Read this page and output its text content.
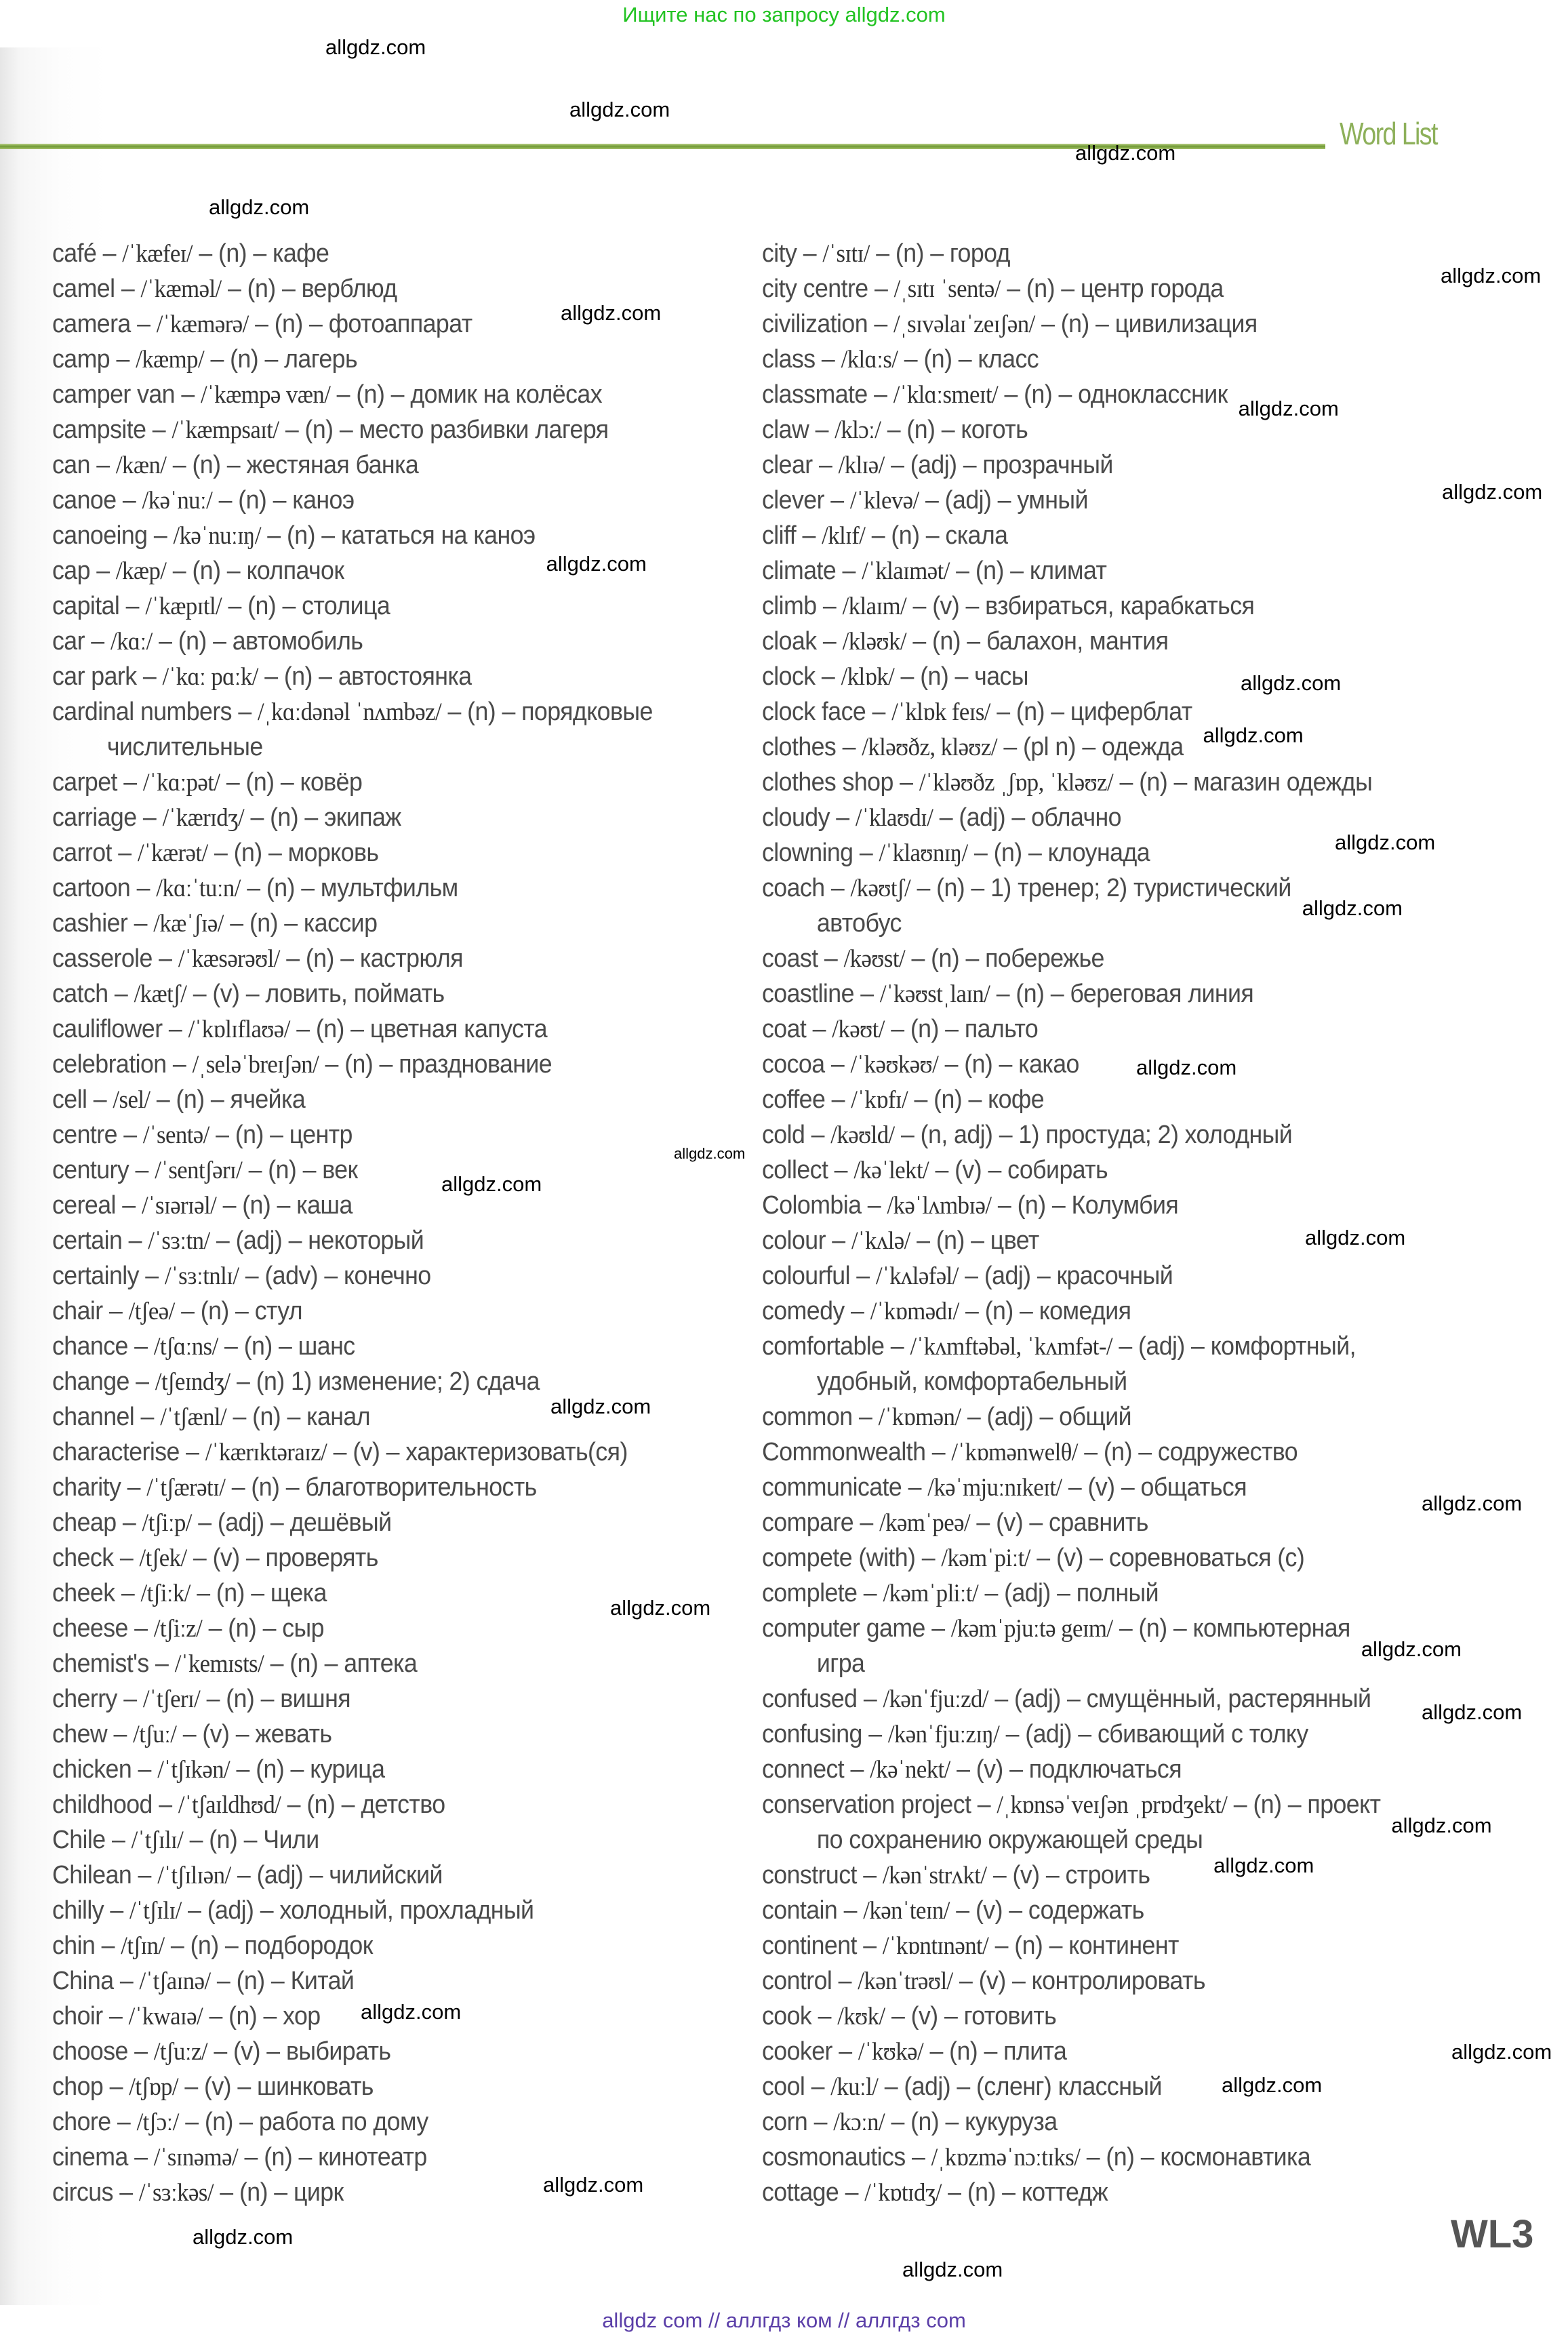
Ищите нас по запросу allgdz.com
Word List
café – /ˈkæfeɪ/ – (n) – кафе
camel – /ˈkæməl/ – (n) – верблюд
camera – /ˈkæmərə/ – (n) – фотоаппарат
camp – /kæmp/ – (n) – лагерь
camper van – /ˈkæmpə væn/ – (n) – домик на колёсах
campsite – /ˈkæmpsaɪt/ – (n) – место разбивки лагеря
can – /kæn/ – (n) – жестяная банка
canoe – /kəˈnuː/ – (n) – каноэ
canoeing – /kəˈnuːɪŋ/ – (n) – кататься на каноэ
cap – /kæp/ – (n) – колпачок
capital – /ˈkæpɪtl/ – (n) – столица
car – /kɑː/ – (n) – автомобиль
car park – /ˈkɑː pɑːk/ – (n) – автостоянка
cardinal numbers – /ˌkɑːdənəl ˈnʌmbəz/ – (n) – порядковые
числительные
carpet – /ˈkɑːpət/ – (n) – ковёр
carriage – /ˈkærɪdʒ/ – (n) – экипаж
carrot – /ˈkærət/ – (n) – морковь
cartoon – /kɑːˈtuːn/ – (n) – мультфильм
cashier – /kæˈʃɪə/ – (n) – кассир
casserole – /ˈkæsərəʊl/ – (n) – кастрюля
catch – /kætʃ/ – (v) – ловить, поймать
cauliflower – /ˈkɒlɪflaʊə/ – (n) – цветная капуста
celebration – /ˌseləˈbreɪʃən/ – (n) – празднование
cell – /sel/ – (n) – ячейка
centre – /ˈsentə/ – (n) – центр
century – /ˈsentʃərɪ/ – (n) – век
cereal – /ˈsɪərɪəl/ – (n) – каша
certain – /ˈsɜːtn/ – (adj) – некоторый
certainly – /ˈsɜːtnlɪ/ – (adv) – конечно
chair – /tʃeə/ – (n) – стул
chance – /tʃɑːns/ – (n) – шанс
change – /tʃeɪndʒ/ – (n) 1) изменение; 2) сдача
channel – /ˈtʃænl/ – (n) – канал
characterise – /ˈkærɪktəraɪz/ – (v) – характеризовать(ся)
charity – /ˈtʃærətɪ/ – (n) – благотворительность
cheap – /tʃiːp/ – (adj) – дешёвый
check – /tʃek/ – (v) – проверять
cheek – /tʃiːk/ – (n) – щека
cheese – /tʃiːz/ – (n) – сыр
chemist's – /ˈkemɪsts/ – (n) – аптека
cherry – /ˈtʃerɪ/ – (n) – вишня
chew – /tʃuː/ – (v) – жевать
chicken – /ˈtʃɪkən/ – (n) – курица
childhood – /ˈtʃaɪldhʊd/ – (n) – детство
Chile – /ˈtʃɪlɪ/ – (n) – Чили
Chilean – /ˈtʃɪlɪən/ – (adj) – чилийский
chilly – /ˈtʃɪlɪ/ – (adj) – холодный, прохладный
chin – /tʃɪn/ – (n) – подбородок
China – /ˈtʃaɪnə/ – (n) – Китай
choir – /ˈkwaɪə/ – (n) – хор
choose – /tʃuːz/ – (v) – выбирать
chop – /tʃɒp/ – (v) – шинковать
chore – /tʃɔː/ – (n) – работа по дому
cinema – /ˈsɪnəmə/ – (n) – кинотеатр
circus – /ˈsɜːkəs/ – (n) – цирк
city – /ˈsɪtɪ/ – (n) – город
city centre – /ˌsɪtɪ ˈsentə/ – (n) – центр города
civilization – /ˌsɪvəlaɪˈzeɪʃən/ – (n) – цивилизация
class – /klɑːs/ – (n) – класс
classmate – /ˈklɑːsmeɪt/ – (n) – одноклассник
claw – /klɔː/ – (n) – коготь
clear – /klɪə/ – (adj) – прозрачный
clever – /ˈklevə/ – (adj) – умный
cliff – /klɪf/ – (n) – скала
climate – /ˈklaɪmət/ – (n) – климат
climb – /klaɪm/ – (v) – взбираться, карабкаться
cloak – /kləʊk/ – (n) – балахон, мантия
clock – /klɒk/ – (n) – часы
clock face – /ˈklɒk feɪs/ – (n) – циферблат
clothes – /kləʊðz, kləʊz/ – (pl n) – одежда
clothes shop – /ˈkləʊðz ˌʃɒp, ˈkləʊz/ – (n) – магазин одежды
cloudy – /ˈklaʊdɪ/ – (adj) – облачно
clowning – /ˈklaʊnɪŋ/ – (n) – клоунада
coach – /kəʊtʃ/ – (n) – 1) тренер; 2) туристический
автобус
coast – /kəʊst/ – (n) – побережье
coastline – /ˈkəʊstˌlaɪn/ – (n) – береговая линия
coat – /kəʊt/ – (n) – пальто
cocoa – /ˈkəʊkəʊ/ – (n) – какао
coffee – /ˈkɒfɪ/ – (n) – кофе
cold – /kəʊld/ – (n, adj) – 1) простуда; 2) холодный
collect – /kəˈlekt/ – (v) – собирать
Colombia – /kəˈlʌmbɪə/ – (n) – Колумбия
colour – /ˈkʌlə/ – (n) – цвет
colourful – /ˈkʌləfəl/ – (adj) – красочный
comedy – /ˈkɒmədɪ/ – (n) – комедия
comfortable – /ˈkʌmftəbəl, ˈkʌmfət-/ – (adj) – комфортный,
удобный, комфортабельный
common – /ˈkɒmən/ – (adj) – общий
Commonwealth – /ˈkɒmənwelθ/ – (n) – содружество
communicate – /kəˈmjuːnɪkeɪt/ – (v) – общаться
compare – /kəmˈpeə/ – (v) – сравнить
compete (with) – /kəmˈpiːt/ – (v) – соревноваться (с)
complete – /kəmˈpliːt/ – (adj) – полный
computer game – /kəmˈpjuːtə geɪm/ – (n) – компьютерная
игра
confused – /kənˈfjuːzd/ – (adj) – смущённый, растерянный
confusing – /kənˈfjuːzɪŋ/ – (adj) – сбивающий с толку
connect – /kəˈnekt/ – (v) – подключаться
conservation project – /ˌkɒnsəˈveɪʃən ˌprɒdʒekt/ – (n) – проект
по сохранению окружающей среды
construct – /kənˈstrʌkt/ – (v) – строить
contain – /kənˈteɪn/ – (v) – содержать
continent – /ˈkɒntɪnənt/ – (n) – континент
control – /kənˈtrəʊl/ – (v) – контролировать
cook – /kʊk/ – (v) – готовить
cooker – /ˈkʊkə/ – (n) – плита
cool – /kuːl/ – (adj) – (сленг) классный
corn – /kɔːn/ – (n) – кукуруза
cosmonautics – /ˌkɒzməˈnɔːtɪks/ – (n) – космонавтика
cottage – /ˈkɒtɪdʒ/ – (n) – коттедж
allgdz.com
allgdz.com
allgdz.com
allgdz.com
allgdz.com
allgdz.com
allgdz.com
allgdz.com
allgdz.com
allgdz.com
allgdz.com
allgdz.com
allgdz.com
allgdz.com
allgdz.com
allgdz.com
allgdz.com
allgdz.com
allgdz.com
allgdz.com
allgdz.com
allgdz.com
allgdz.com
allgdz.com
allgdz.com
allgdz.com
allgdz.com
allgdz.com
allgdz.com
allgdz.com
WL3
allgdz com // аллгдз ком // аллгдз com
